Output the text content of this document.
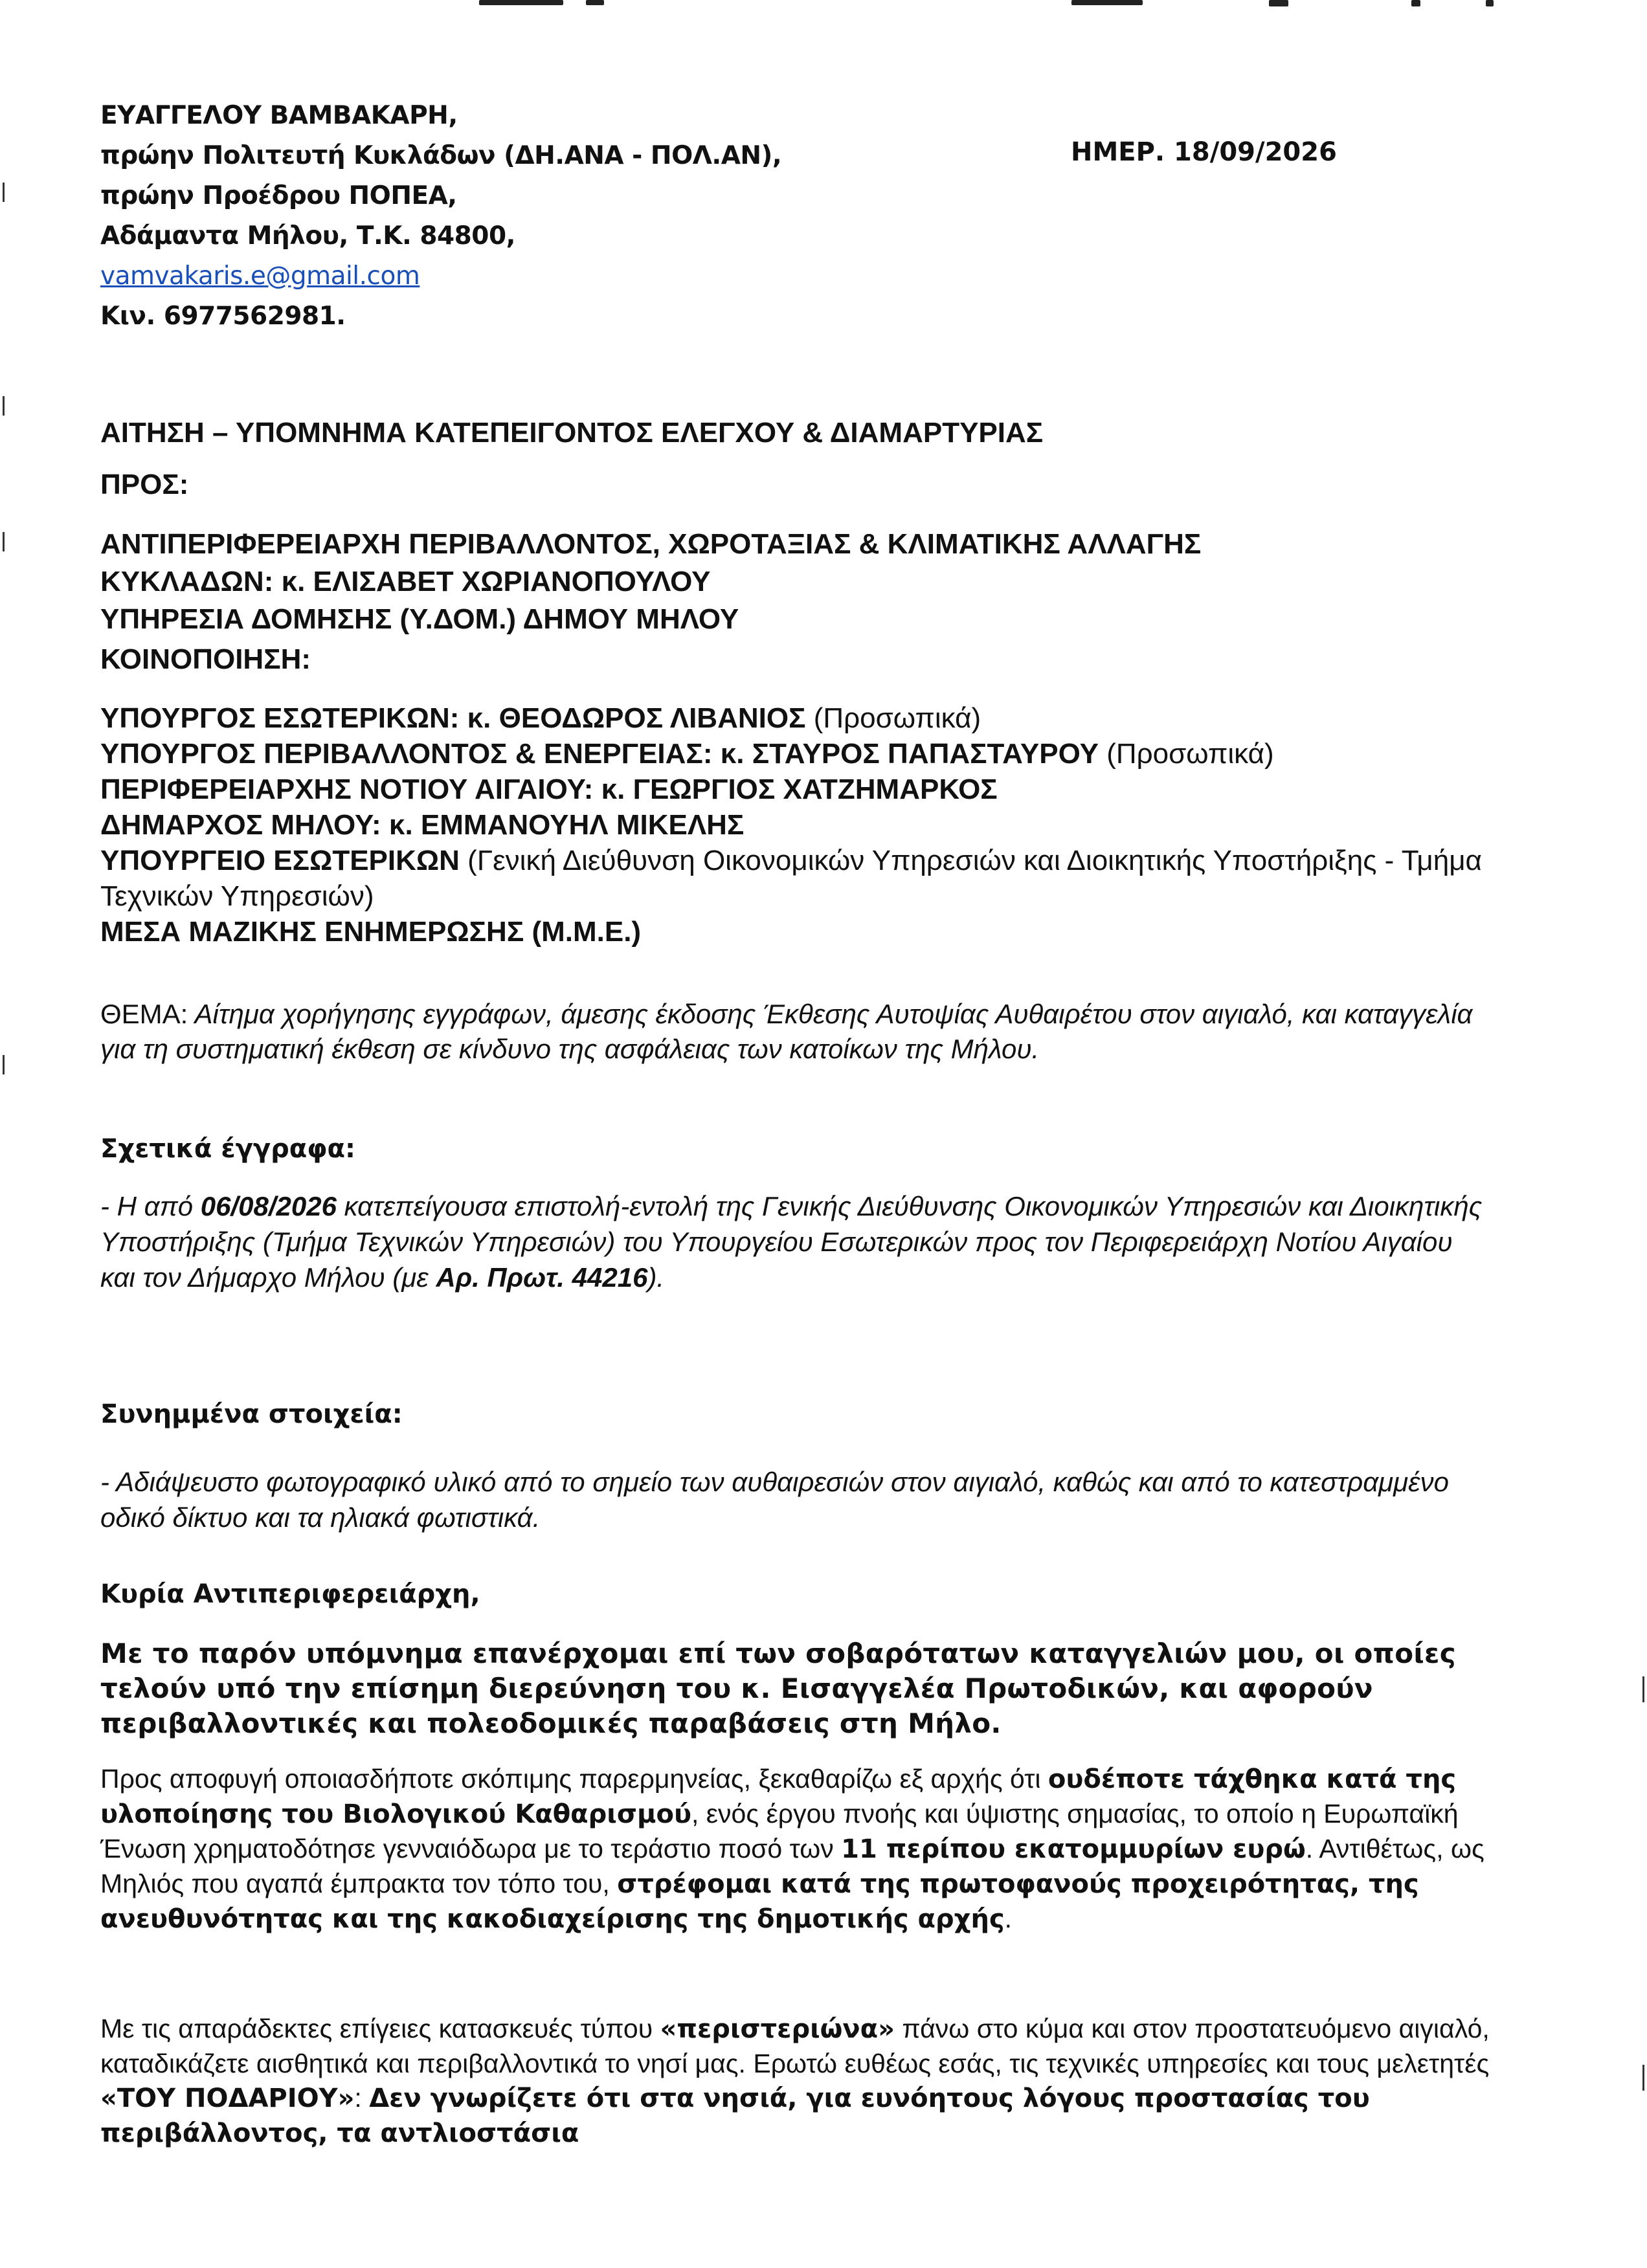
ΕΥΑΓΓΕΛΟΥ ΒΑΜΒΑΚΑΡΗ,
πρώην Πολιτευτή Κυκλάδων (ΔΗ.ΑΝΑ - ΠΟΛ.ΑΝ),
πρώην Προέδρου ΠΟΠΕΑ,
Αδάμαντα Μήλου, Τ.Κ. 84800,
vamvakaris.e@gmail.com
Κιν. 6977562981.
ΗΜΕΡ. 18/09/2026
ΑΙΤΗΣΗ – ΥΠΟΜΝΗΜΑ ΚΑΤΕΠΕΙΓΟΝΤΟΣ ΕΛΕΓΧΟΥ & ΔΙΑΜΑΡΤΥΡΙΑΣ
ΠΡΟΣ:
ΑΝΤΙΠΕΡΙΦΕΡΕΙΑΡΧΗ ΠΕΡΙΒΑΛΛΟΝΤΟΣ, ΧΩΡΟΤΑΞΙΑΣ & ΚΛΙΜΑΤΙΚΗΣ ΑΛΛΑΓΗΣ
ΚΥΚΛΑΔΩΝ: κ. ΕΛΙΣΑΒΕΤ ΧΩΡΙΑΝΟΠΟΥΛΟΥ
ΥΠΗΡΕΣΙΑ ΔΟΜΗΣΗΣ (Υ.ΔΟΜ.) ΔΗΜΟΥ ΜΗΛΟΥ
ΚΟΙΝΟΠΟΙΗΣΗ:
ΥΠΟΥΡΓΟΣ ΕΣΩΤΕΡΙΚΩΝ: κ. ΘΕΟΔΩΡΟΣ ΛΙΒΑΝΙΟΣ (Προσωπικά)
ΥΠΟΥΡΓΟΣ ΠΕΡΙΒΑΛΛΟΝΤΟΣ & ΕΝΕΡΓΕΙΑΣ: κ. ΣΤΑΥΡΟΣ ΠΑΠΑΣΤΑΥΡΟΥ (Προσωπικά)
ΠΕΡΙΦΕΡΕΙΑΡΧΗΣ ΝΟΤΙΟΥ ΑΙΓΑΙΟΥ: κ. ΓΕΩΡΓΙΟΣ ΧΑΤΖΗΜΑΡΚΟΣ
ΔΗΜΑΡΧΟΣ ΜΗΛΟΥ: κ. ΕΜΜΑΝΟΥΗΛ ΜΙΚΕΛΗΣ
ΥΠΟΥΡΓΕΙΟ ΕΣΩΤΕΡΙΚΩΝ (Γενική Διεύθυνση Οικονομικών Υπηρεσιών και Διοικητικής Υποστήριξης - Τμήμα Τεχνικών Υπηρεσιών)
ΜΕΣΑ ΜΑΖΙΚΗΣ ΕΝΗΜΕΡΩΣΗΣ (Μ.Μ.Ε.)
ΘΕΜΑ: Αίτημα χορήγησης εγγράφων, άμεσης έκδοσης Έκθεσης Αυτοψίας Αυθαιρέτου στον αιγιαλό, και καταγγελία για τη συστηματική έκθεση σε κίνδυνο της ασφάλειας των κατοίκων της Μήλου.
Σχετικά έγγραφα:

- Η από 06/08/2026 κατεπείγουσα επιστολή-εντολή της Γενικής Διεύθυνσης Οικονομικών Υπηρεσιών και Διοικητικής Υποστήριξης (Τμήμα Τεχνικών Υπηρεσιών) του Υπουργείου Εσωτερικών προς τον Περιφερειάρχη Νοτίου Αιγαίου και τον Δήμαρχο Μήλου (με Αρ. Πρωτ. 44216).

Συνημμένα στοιχεία:
- Αδιάψευστο φωτογραφικό υλικό από το σημείο των αυθαιρεσιών στον αιγιαλό, καθώς και από το κατεστραμμένο οδικό δίκτυο και τα ηλιακά φωτιστικά.
Κυρία Αντιπεριφερειάρχη,
Με το παρόν υπόμνημα επανέρχομαι επί των σοβαρότατων καταγγελιών μου, οι οποίες τελούν υπό την επίσημη διερεύνηση του κ. Εισαγγελέα Πρωτοδικών, και αφορούν περιβαλλοντικές και πολεοδομικές παραβάσεις στη Μήλο.
Προς αποφυγή οποιασδήποτε σκόπιμης παρερμηνείας, ξεκαθαρίζω εξ αρχής ότι ουδέποτε τάχθηκα κατά της υλοποίησης του Βιολογικού Καθαρισμού, ενός έργου πνοής και ύψιστης σημασίας, το οποίο η Ευρωπαϊκή Ένωση χρηματοδότησε γενναιόδωρα με το τεράστιο ποσό των 11 περίπου εκατομμυρίων ευρώ. Αντιθέτως, ως Μηλιός που αγαπά έμπρακτα τον τόπο του, στρέφομαι κατά της πρωτοφανούς προχειρότητας, της ανευθυνότητας και της κακοδιαχείρισης της δημοτικής αρχής.
Με τις απαράδεκτες επίγειες κατασκευές τύπου «περιστεριώνα» πάνω στο κύμα και στον προστατευόμενο αιγιαλό, καταδικάζετε αισθητικά και περιβαλλοντικά το νησί μας. Ερωτώ ευθέως εσάς, τις τεχνικές υπηρεσίες και τους μελετητές «ΤΟΥ ΠΟΔΑΡΙΟΥ»: Δεν γνωρίζετε ότι στα νησιά, για ευνόητους λόγους προστασίας του περιβάλλοντος, τα αντλιοστάσια
